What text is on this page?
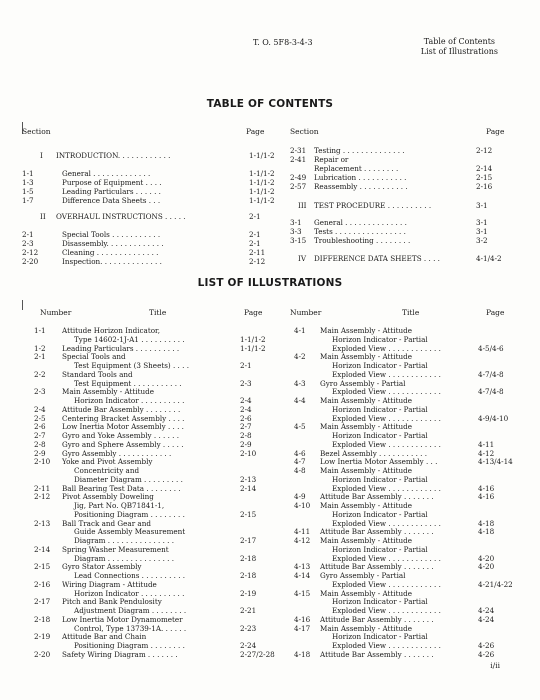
T. O. 5F8-3-4-3	Table of Contents
List of Illustrations
TABLE OF CONTENTS
Section	Page	Section	Page
I INTRODUCTION. . . . . . . . . . . .	1-1/1-2
1-1	General . . . . . . . . . . . . .	1-1/1-2
1-3	Purpose of Equipment . . . .	1-1/1-2
1-5	Leading Particulars . . . . . .	1-1/1-2
1-7	Difference Data Sheets . . .	1-1/1-2
II OVERHAUL INSTRUCTIONS . . . . .	2-1
2-1	Special Tools . . . . . . . . . . .	2-1
2-3	Disassembly. . . . . . . . . . . . .	2-1
2-12	Cleaning . . . . . . . . . . . . . .	2-11
2-20	Inspection. . . . . . . . . . . . . .	2-12
2-31 Testing . . . . . . . . . . . . . .	2-12
2-41 Repair or
Replacement . . . . . . . .	2-14
2-49 Lubrication . . . . . . . . . . .	2-15
2-57 Reassembly . . . . . . . . . . .	2-16
III TEST PROCEDURE . . . . . . . . . .	3-1
3-1 General . . . . . . . . . . . . . .	3-1
3-3 Tests . . . . . . . . . . . . . . . .	3-1
3-15 Troubleshooting . . . . . . . .	3-2
IV DIFFERENCE DATA SHEETS . . . .	4-1/4-2
LIST OF ILLUSTRATIONS
Number	Title	Page	Number	Title	Page
1-1 Attitude Horizon Indicator,
Type 14602-1J-A1 . . . . . . . . . .	1-1/1-2
1-2 Leading Particulars . . . . . . . . . .	1-1/1-2
2-1 Special Tools and
Test Equipment (3 Sheets) . . . .	2-1
2-2 Standard Tools and
Test Equipment . . . . . . . . . . .	2-3
2-3 Main Assembly - Attitude
Horizon Indicator . . . . . . . . . .	2-4
2-4 Attitude Bar Assembly . . . . . . . .	2-4
2-5 Centering Bracket Assembly . . . .	2-6
2-6 Low Inertia Motor Assembly . . . .	2-7
2-7 Gyro and Yoke Assembly . . . . . .	2-8
2-8 Gyro and Sphere Assembly . . . . .	2-9
2-9 Gyro Assembly . . . . . . . . . . . .	2-10
2-10 Yoke and Pivot Assembly
Concentricity and
Diameter Diagram . . . . . . . . .	2-13
2-11 Ball Bearing Test Data . . . . . . . .	2-14
2-12 Pivot Assembly Doweling
Jig, Part No. QB71841-1,
Positioning Diagram . . . . . . . .	2-15
2-13 Ball Track and Gear and
Guide Assembly Measurement
Diagram . . . . . . . . . . . . . . .	2-17
2-14 Spring Washer Measurement
Diagram . . . . . . . . . . . . . . .	2-18
2-15 Gyro Stator Assembly
Lead Connections . . . . . . . . . .	2-18
2-16 Wiring Diagram - Attitude
Horizon Indicator . . . . . . . . . .	2-19
2-17 Pitch and Bank Pendulosity
Adjustment Diagram . . . . . . . .	2-21
2-18 Low Inertia Motor Dynamometer
Control, Type 13739-1A. . . . . .	2-23
2-19 Attitude Bar and Chain
Positioning Diagram . . . . . . . .	2-24
2-20 Safety Wiring Diagram . . . . . . .	2-27/2-28
4-1 Main Assembly - Attitude
Horizon Indicator - Partial
Exploded View . . . . . . . . . . . .	4-5/4-6
4-2 Main Assembly - Attitude
Horizon Indicator - Partial
Exploded View . . . . . . . . . . . .	4-7/4-8
4-3 Gyro Assembly - Partial
Exploded View . . . . . . . . . . . .	4-7/4-8
4-4 Main Assembly - Attitude
Horizon Indicator - Partial
Exploded View . . . . . . . . . . . .	4-9/4-10
4-5 Main Assembly - Attitude
Horizon Indicator - Partial
Exploded View . . . . . . . . . . . .	4-11
4-6 Bezel Assembly . . . . . . . . . . .	4-12
4-7 Low Inertia Motor Assembly . . .	4-13/4-14
4-8 Main Assembly - Attitude
Horizon Indicator - Partial
Exploded View . . . . . . . . . . . .	4-16
4-9 Attitude Bar Assembly . . . . . . .	4-16
4-10 Main Assembly - Attitude
Horizon Indicator - Partial
Exploded View . . . . . . . . . . . .	4-18
4-11 Attitude Bar Assembly . . . . . . .	4-18
4-12 Main Assembly - Attitude
Horizon Indicator - Partial
Exploded View . . . . . . . . . . . .	4-20
4-13 Attitude Bar Assembly . . . . . . .	4-20
4-14 Gyro Assembly - Partial
Exploded View . . . . . . . . . . . .	4-21/4-22
4-15 Main Assembly - Attitude
Horizon Indicator - Partial
Exploded View . . . . . . . . . . . .	4-24
4-16 Attitude Bar Assembly . . . . . . .	4-24
4-17 Main Assembly - Attitude
Horizon Indicator - Partial
Exploded View . . . . . . . . . . . .	4-26
4-18 Attitude Bar Assembly . . . . . . .	4-26
i/ii
